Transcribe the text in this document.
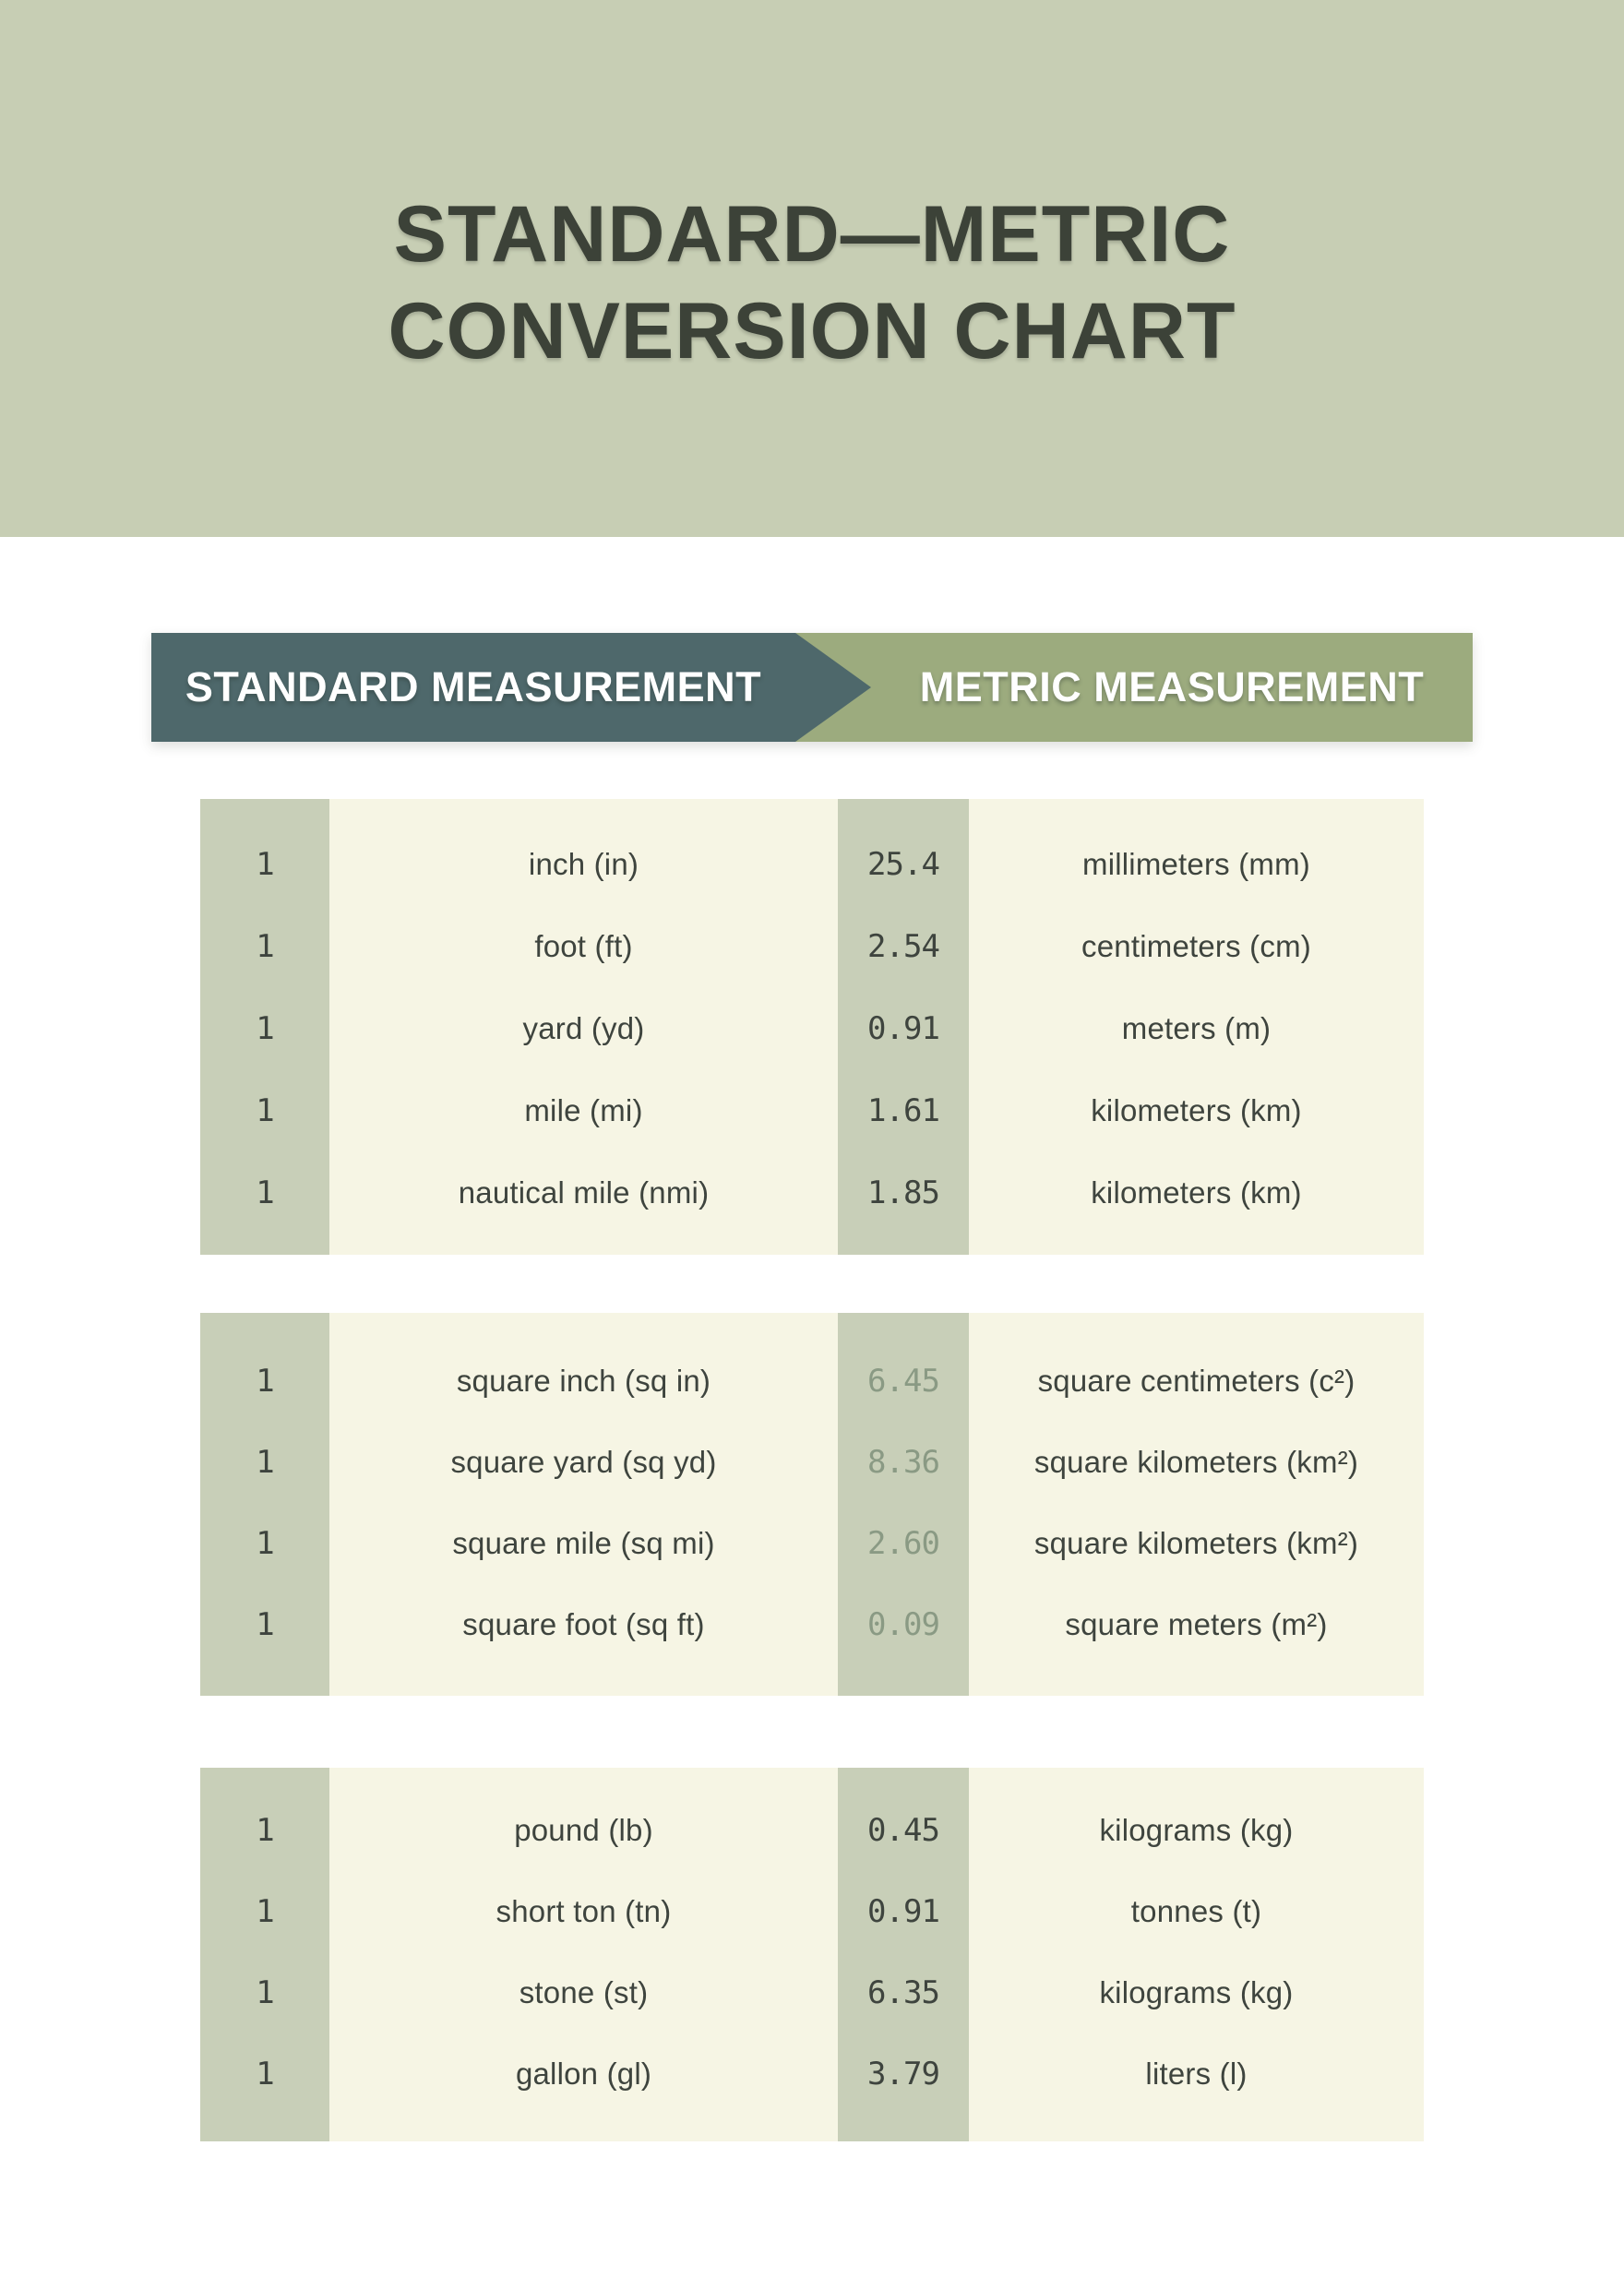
STANDARD—METRIC
CONVERSION CHART
STANDARD MEASUREMENT	METRIC MEASUREMENT
1	inch (in)	25.4	millimeters (mm)
1	foot (ft)	2.54	centimeters (cm)
1	yard (yd)	0.91	meters (m)
1	mile (mi)	1.61	kilometers (km)
1	nautical mile (nmi)	1.85	kilometers (km)
1	square inch (sq in)	6.45	square centimeters (c²)
1	square yard (sq yd)	8.36	square kilometers (km²)
1	square mile (sq mi)	2.60	square kilometers (km²)
1	square foot (sq ft)	0.09	square meters (m²)
1	pound (lb)	0.45	kilograms (kg)
1	short ton (tn)	0.91	tonnes (t)
1	stone (st)	6.35	kilograms (kg)
1	gallon (gl)	3.79	liters (l)
